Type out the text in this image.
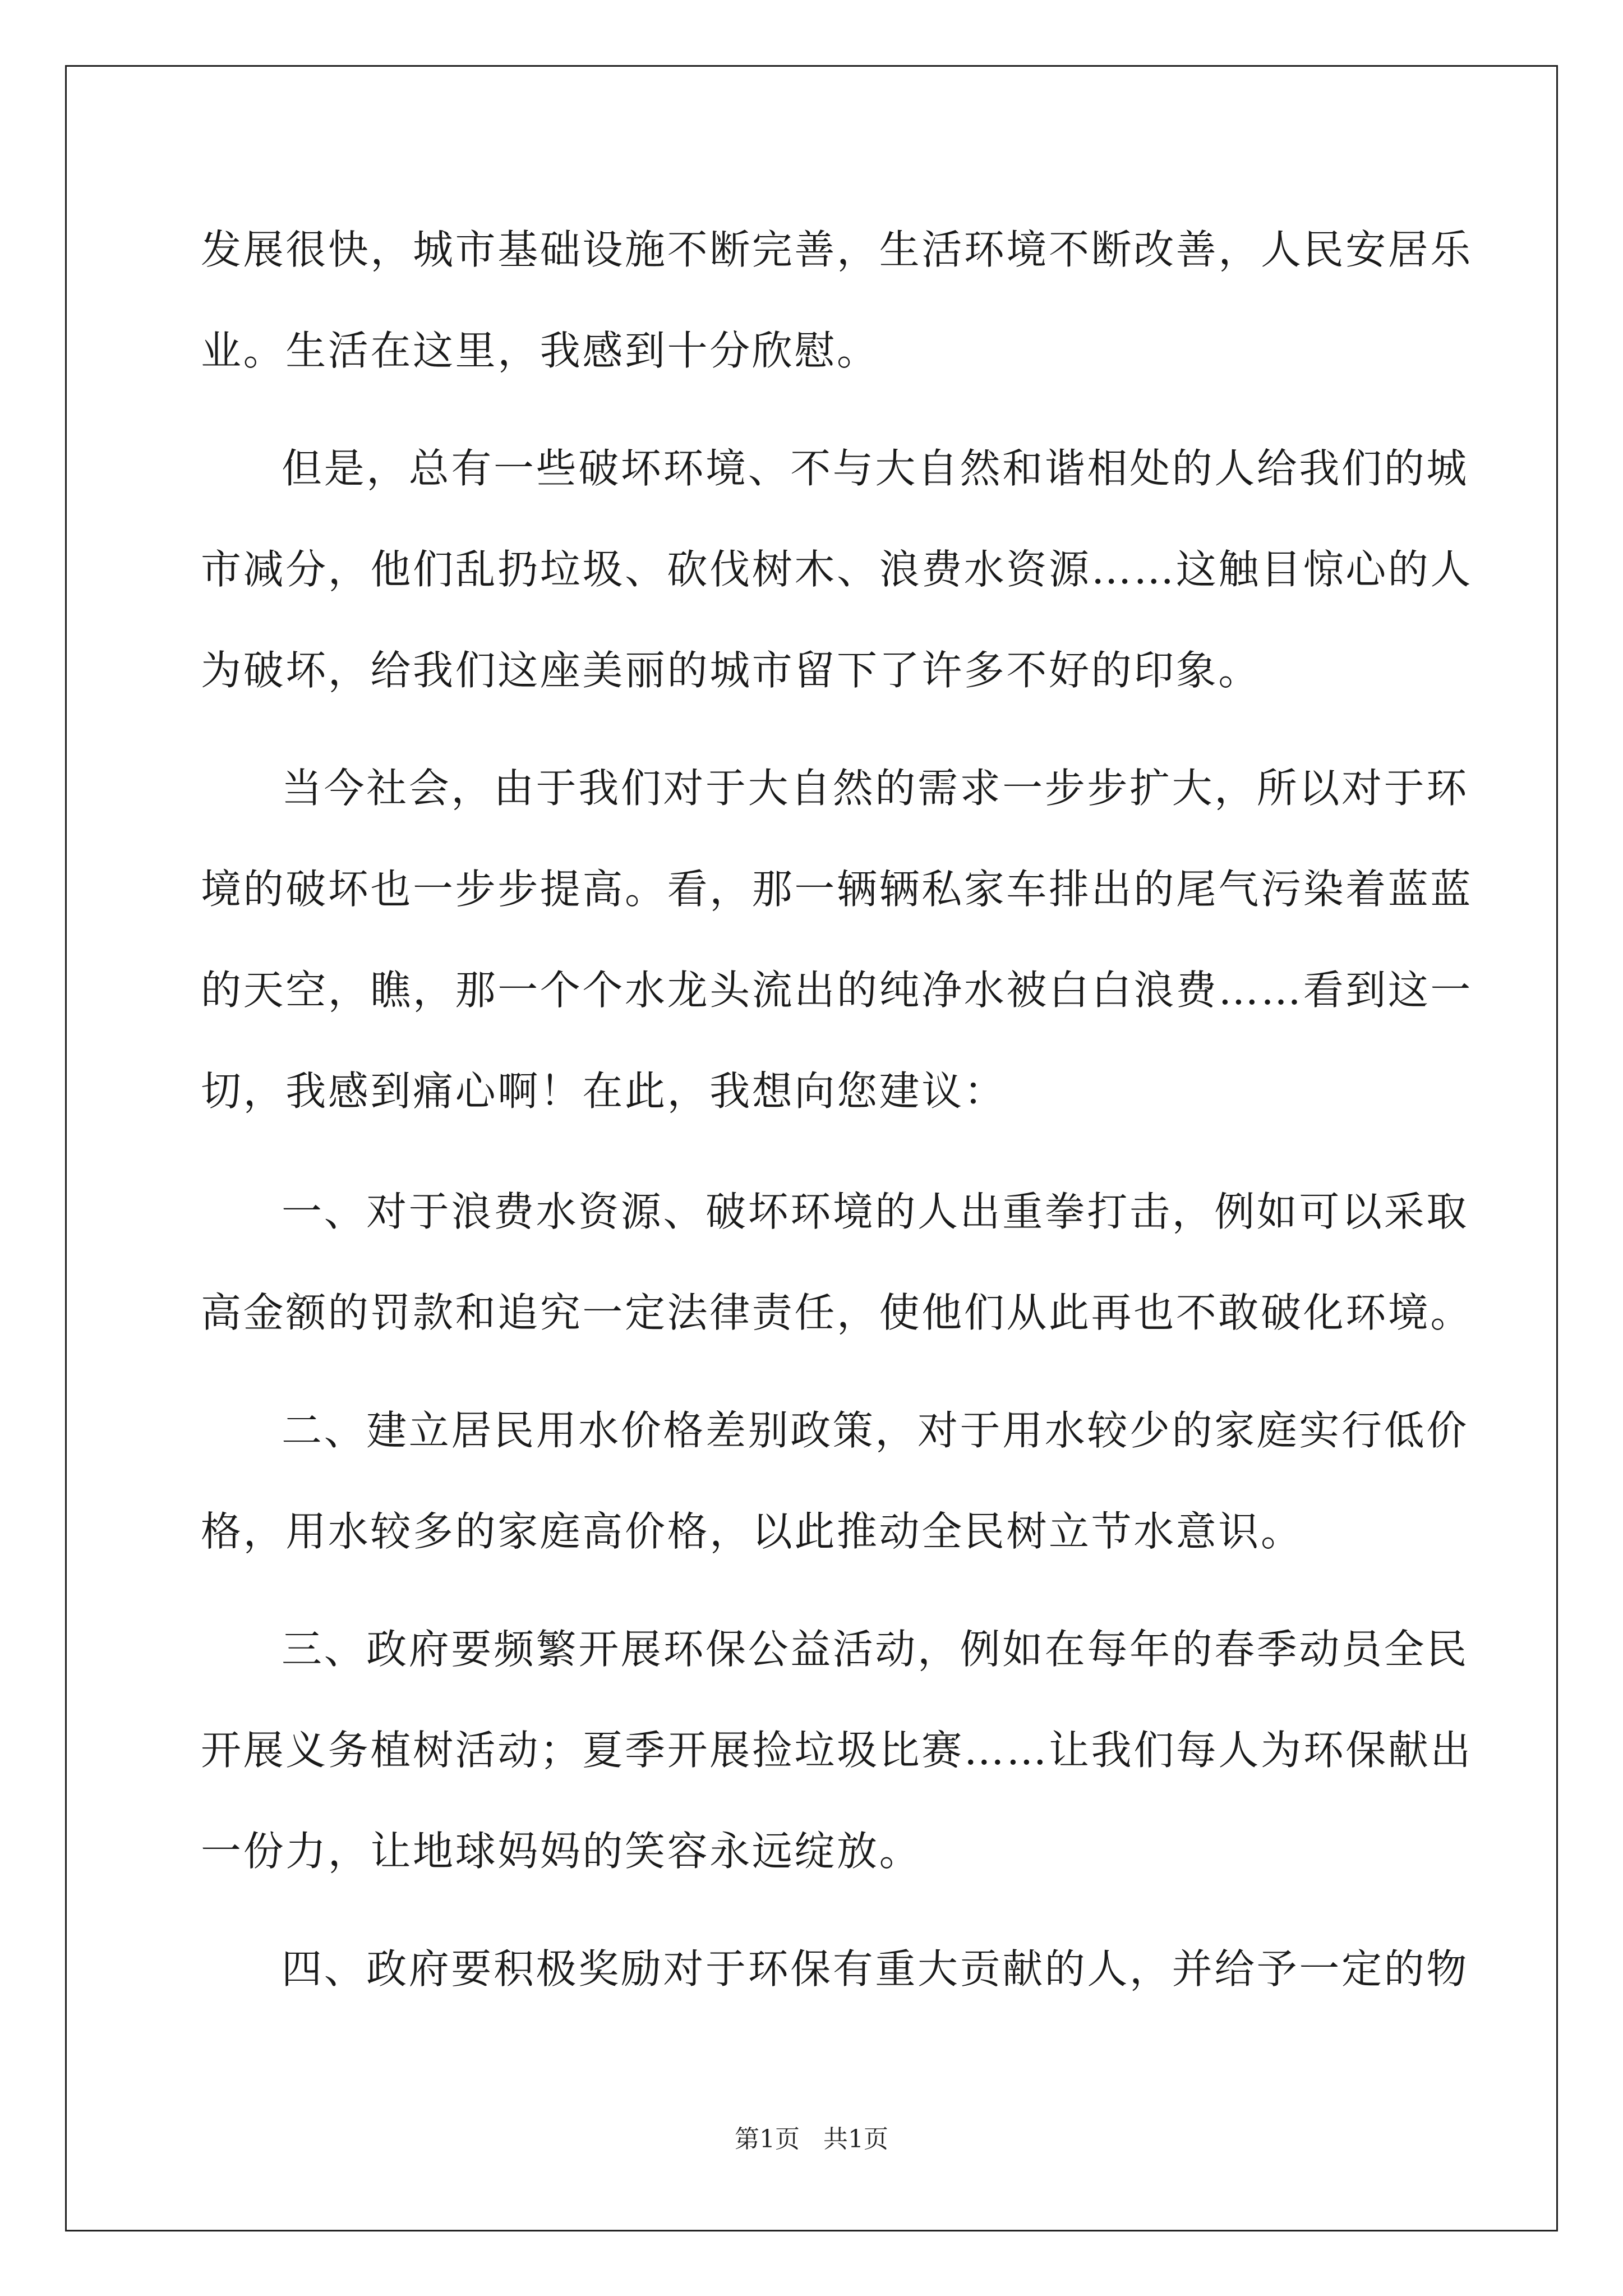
发展很快，城市基础设施不断完善，生活环境不断改善，人民安居乐
业。生活在这里，我感到十分欣慰。
但是，总有一些破坏环境、不与大自然和谐相处的人给我们的城
市减分，他们乱扔垃圾、砍伐树木、浪费水资源……这触目惊心的人
为破坏，给我们这座美丽的城市留下了许多不好的印象。
当今社会，由于我们对于大自然的需求一步步扩大，所以对于环
境的破坏也一步步提高。看，那一辆辆私家车排出的尾气污染着蓝蓝
的天空，瞧，那一个个水龙头流出的纯净水被白白浪费……看到这一
切，我感到痛心啊！在此，我想向您建议：
一、对于浪费水资源、破坏环境的人出重拳打击，例如可以采取
高金额的罚款和追究一定法律责任，使他们从此再也不敢破化环境。
二、建立居民用水价格差别政策，对于用水较少的家庭实行低价
格，用水较多的家庭高价格，以此推动全民树立节水意识。
三、政府要频繁开展环保公益活动，例如在每年的春季动员全民
开展义务植树活动；夏季开展捡垃圾比赛……让我们每人为环保献出
一份力，让地球妈妈的笑容永远绽放。
四、政府要积极奖励对于环保有重大贡献的人，并给予一定的物
第1页 共1页
